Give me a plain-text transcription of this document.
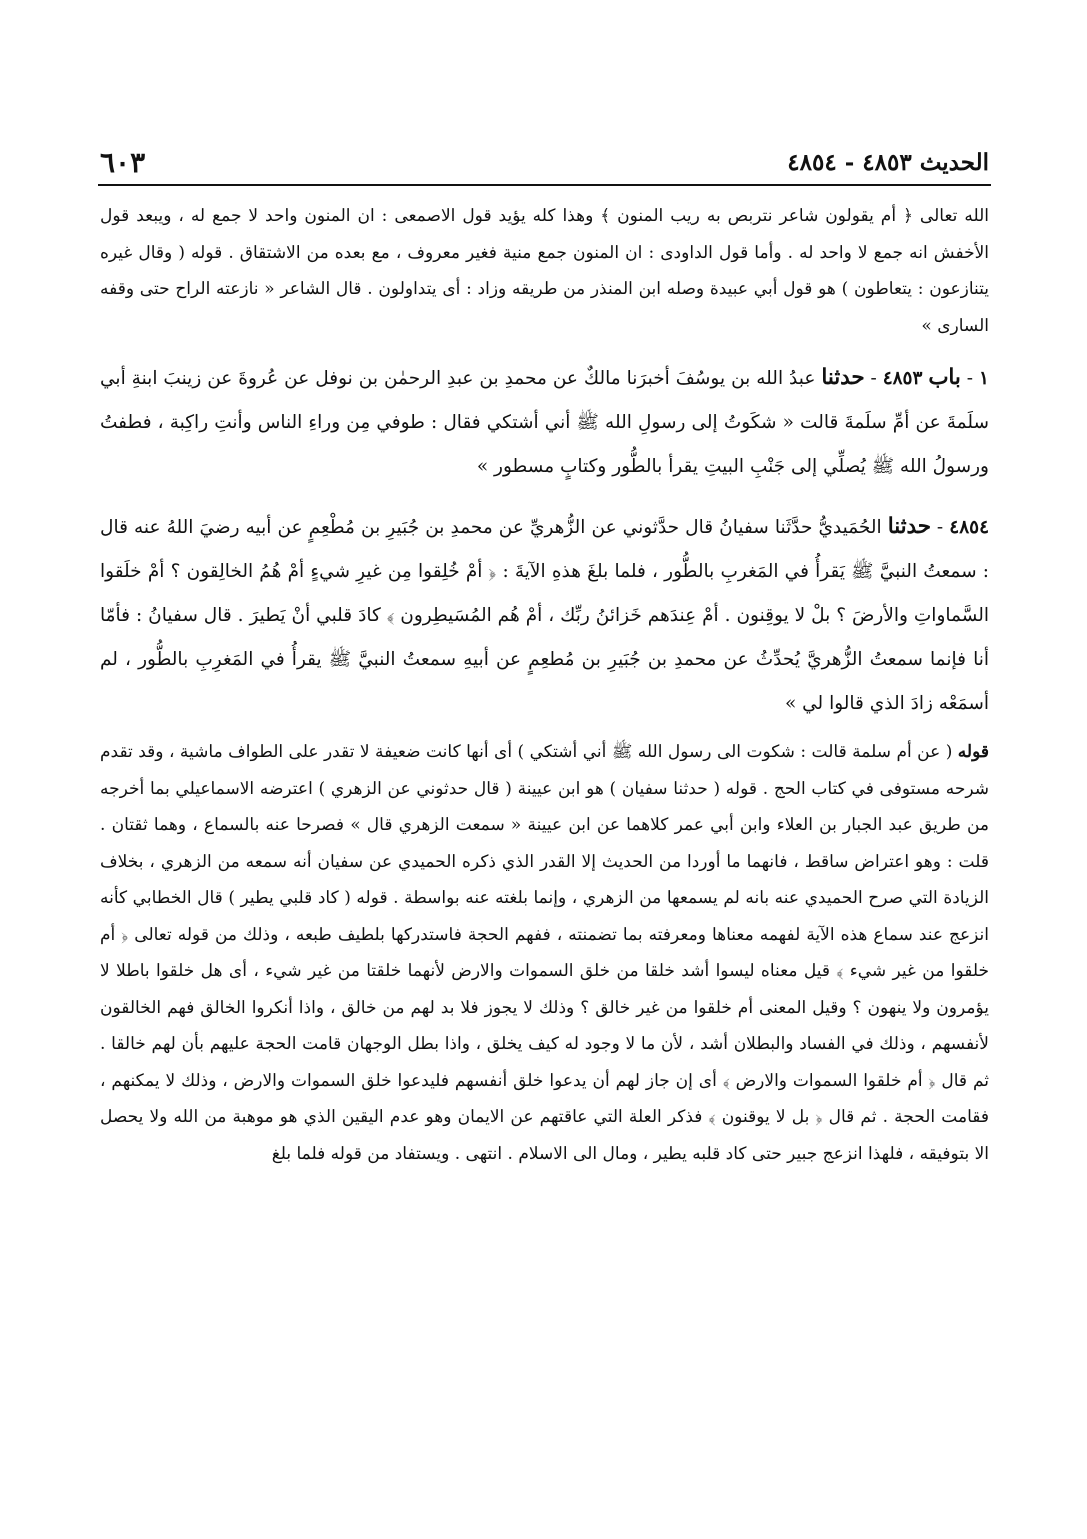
الحديث ٤٨٥٣ - ٤٨٥٤
٦٠٣

الله تعالى ﴿ أم يقولون شاعر نتربص به ريب المنون ﴾ وهذا كله يؤيد قول الاصمعى : ان المنون واحد لا جمع له ، ويبعد قول الأخفش انه جمع لا واحد له . وأما قول الداودى : ان المنون جمع منية فغير معروف ، مع بعده من الاشتقاق . قوله ( وقال غيره يتنازعون : يتعاطون ) هو قول أبي عبيدة وصله ابن المنذر من طريقه وزاد : أى يتداولون . قال الشاعر « نازعته الراح حتى وقفه السارى »

١ - باب ٤٨٥٣ - حدثنا عبدُ الله بن يوسُفَ أخبرَنا مالكٌ عن محمدِ بن عبدِ الرحمٰن بن نوفل عن عُروةَ عن زينبَ ابنةِ أبي سلَمةَ عن أمِّ سلَمةَ قالت « شكَوتُ إلى رسولِ الله ﷺ أني أشتكي فقال : طوفي مِن وراءِ الناس وأنتِ راكِبة ، فطفتُ ورسولُ الله ﷺ يُصلِّي إلى جَنْبِ البيتِ يقرأ بالطُّور وكتابٍ مسطور »

٤٨٥٤ - حدثنا الحُمَيديُّ حدَّثَنا سفيانُ قال حدَّثوني عن الزُّهريِّ عن محمدِ بن جُبَيرِ بن مُطْعِمٍ عن أبيه رضيَ اللهُ عنه قال : سمعتُ النبيَّ ﷺ يَقرأُ في المَغربِ بالطُّور ، فلما بلغَ هذهِ الآيةَ : ﴿ أمْ خُلِقوا مِن غيرِ شيءٍ أمْ هُمُ الخالِقون ؟ أمْ خلَقوا السَّماواتِ والأرضَ ؟ بلْ لا يوقِنون . أمْ عِندَهم خَزائنُ ربِّك ، أمْ هُم المُسَيطِرون ﴾ كادَ قلبي أنْ يَطيرَ . قال سفيانُ : فأمّا أنا فإنما سمعتُ الزُّهريَّ يُحدِّثُ عن محمدِ بن جُبَيرِ بن مُطعِمٍ عن أبيهِ سمعتُ النبيَّ ﷺ يقرأُ في المَغرِبِ بالطُّور ، لم أسمَعْه زادَ الذي قالوا لي »

قوله ( عن أم سلمة قالت : شكوت الى رسول الله ﷺ أني أشتكي ) أى أنها كانت ضعيفة لا تقدر على الطواف ماشية ، وقد تقدم شرحه مستوفى في كتاب الحج . قوله ( حدثنا سفيان ) هو ابن عيينة ( قال حدثوني عن الزهري ) اعترضه الاسماعيلي بما أخرجه من طريق عبد الجبار بن العلاء وابن أبي عمر كلاهما عن ابن عيينة « سمعت الزهري قال » فصرحا عنه بالسماع ، وهما ثقتان . قلت : وهو اعتراض ساقط ، فانهما ما أوردا من الحديث إلا القدر الذي ذكره الحميدي عن سفيان أنه سمعه من الزهري ، بخلاف الزيادة التي صرح الحميدي عنه بانه لم يسمعها من الزهري ، وإنما بلغته عنه بواسطة . قوله ( كاد قلبي يطير ) قال الخطابي كأنه انزعج عند سماع هذه الآية لفهمه معناها ومعرفته بما تضمنته ، ففهم الحجة فاستدركها بلطيف طبعه ، وذلك من قوله تعالى ﴿ أم خلقوا من غير شيء ﴾ قيل معناه ليسوا أشد خلقا من خلق السموات والارض لأنهما خلقتا من غير شيء ، أى هل خلقوا باطلا لا يؤمرون ولا ينهون ؟ وقيل المعنى أم خلقوا من غير خالق ؟ وذلك لا يجوز فلا بد لهم من خالق ، واذا أنكروا الخالق فهم الخالقون لأنفسهم ، وذلك في الفساد والبطلان أشد ، لأن ما لا وجود له كيف يخلق ، واذا بطل الوجهان قامت الحجة عليهم بأن لهم خالقا . ثم قال ﴿ أم خلقوا السموات والارض ﴾ أى إن جاز لهم أن يدعوا خلق أنفسهم فليدعوا خلق السموات والارض ، وذلك لا يمكنهم ، فقامت الحجة . ثم قال ﴿ بل لا يوقنون ﴾ فذكر العلة التي عاقتهم عن الايمان وهو عدم اليقين الذي هو موهبة من الله ولا يحصل الا بتوفيقه ، فلهذا انزعج جبير حتى كاد قلبه يطير ، ومال الى الاسلام . انتهى . ويستفاد من قوله فلما بلغ
